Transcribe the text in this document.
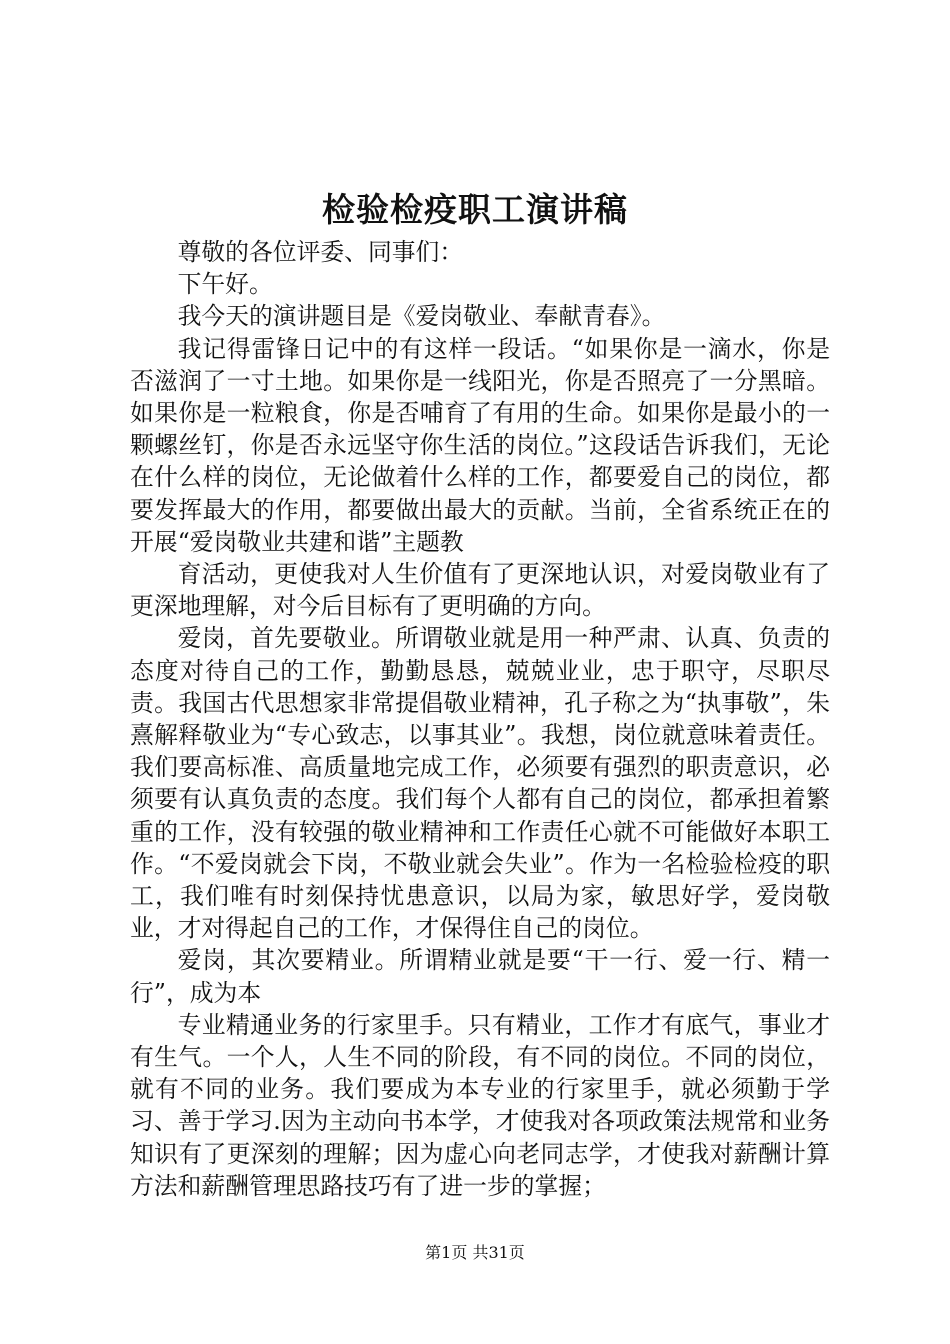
检验检疫职工演讲稿

尊敬的各位评委、同事们：

下午好。

我今天的演讲题目是《爱岗敬业、奉献青春》。

我记得雷锋日记中的有这样一段话。“如果你是一滴水，你是否滋润了一寸土地。如果你是一线阳光，你是否照亮了一分黑暗。如果你是一粒粮食，你是否哺育了有用的生命。如果你是最小的一颗螺丝钉，你是否永远坚守你生活的岗位。”这段话告诉我们，无论在什么样的岗位，无论做着什么样的工作，都要爱自己的岗位，都要发挥最大的作用，都要做出最大的贡献。当前，全省系统正在的开展“爱岗敬业共建和谐”主题教

育活动，更使我对人生价值有了更深地认识，对爱岗敬业有了更深地理解，对今后目标有了更明确的方向。

爱岗，首先要敬业。所谓敬业就是用一种严肃、认真、负责的态度对待自己的工作，勤勤恳恳，兢兢业业，忠于职守，尽职尽责。我国古代思想家非常提倡敬业精神，孔子称之为“执事敬”，朱熹解释敬业为“专心致志，以事其业”。我想，岗位就意味着责任。我们要高标准、高质量地完成工作，必须要有强烈的职责意识，必须要有认真负责的态度。我们每个人都有自己的岗位，都承担着繁重的工作，没有较强的敬业精神和工作责任心就不可能做好本职工作。“不爱岗就会下岗，不敬业就会失业”。作为一名检验检疫的职工，我们唯有时刻保持忧患意识，以局为家，敏思好学，爱岗敬业，才对得起自己的工作，才保得住自己的岗位。

爱岗，其次要精业。所谓精业就是要“干一行、爱一行、精一行”，成为本

专业精通业务的行家里手。只有精业，工作才有底气，事业才有生气。一个人，人生不同的阶段，有不同的岗位。不同的岗位，就有不同的业务。我们要成为本专业的行家里手，就必须勤于学习、善于学习.因为主动向书本学，才使我对各项政策法规常和业务知识有了更深刻的理解；因为虚心向老同志学，才使我对薪酬计算方法和薪酬管理思路技巧有了进一步的掌握；

第1页 共31页
